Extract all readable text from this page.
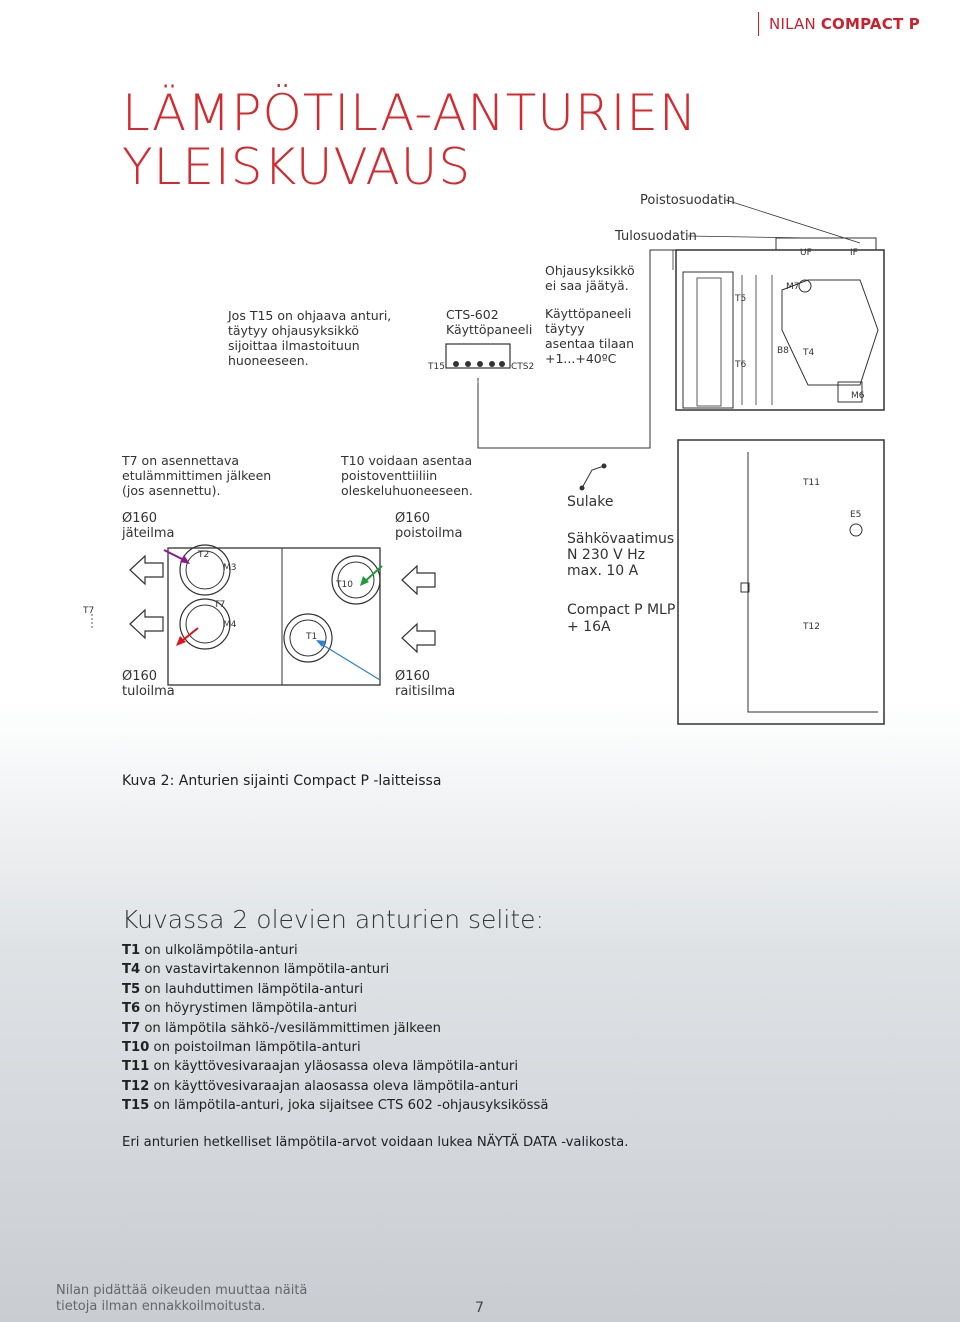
NILAN COMPACT P
LÄMPÖTILA-ANTURIEN
YLEISKUVAUS
Poistosuodatin
Tulosuodatin
UF	IF
Ohjausyksikkö
ei saa jäätyä.
Käyttöpaneeli
täytyy
asentaa tilaan
+1...+40ºC
CTS-602
Käyttöpaneeli
Jos T15 on ohjaava anturi,
täytyy ohjausyksikkö
sijoittaa ilmastoituun
huoneeseen.	T15	CTS2
T7 on asennettava
etulämmittimen jälkeen
(jos asennettu).
T10 voidaan asentaa
poistoventtiiliin
oleskeluhuoneeseen.
Ø160
jäteilma
Ø160
poistoilma
Ø160
tuloilma
Ø160
raitisilma
Sulake
Sähkövaatimus
N 230 V Hz
max. 10 A
Compact P MLP
+ 16A
T7
T7
M3
M4
T2
T10
T1
T5
T6
B8 T4
M7
M6
T11
E5
T12
Kuva 2: Anturien sijainti Compact P -laitteissa
Kuvassa 2 olevien anturien selite:
T1 on ulkolämpötila-anturi
T4 on vastavirtakennon lämpötila-anturi
T5 on lauhduttimen lämpötila-anturi
T6 on höyrystimen lämpötila-anturi
T7 on lämpötila sähkö-/vesilämmittimen jälkeen
T10 on poistoilman lämpötila-anturi
T11 on käyttövesivaraajan yläosassa oleva lämpötila-anturi
T12 on käyttövesivaraajan alaosassa oleva lämpötila-anturi
T15 on lämpötila-anturi, joka sijaitsee CTS 602 -ohjausyksikössä
Eri anturien hetkelliset lämpötila-arvot voidaan lukea NÄYTÄ DATA -valikosta.
Nilan pidättää oikeuden muuttaa näitä
tietoja ilman ennakkoilmoitusta.	7
